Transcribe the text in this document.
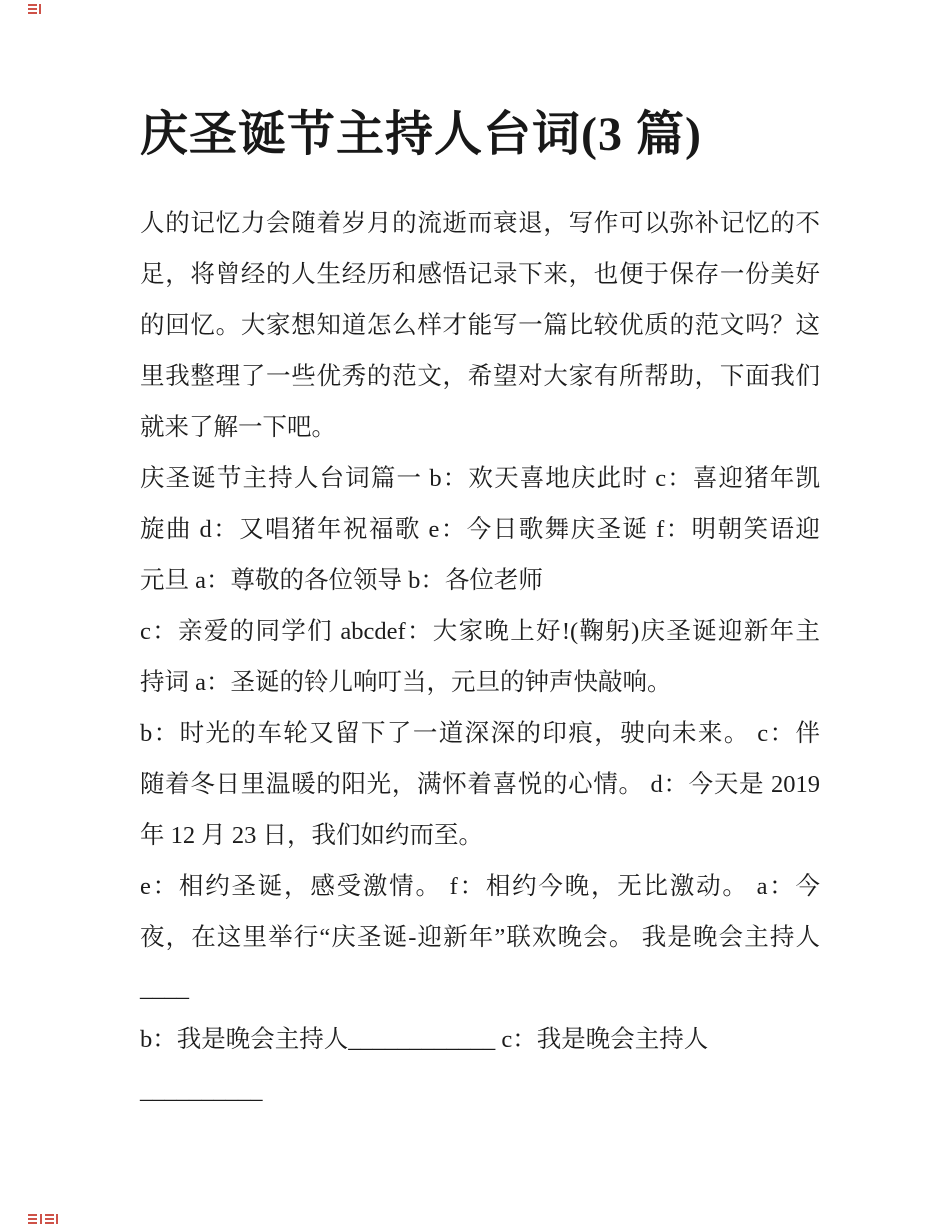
庆圣诞节主持人台词(3 篇)
人的记忆力会随着岁月的流逝而衰退，写作可以弥补记忆的不
足，将曾经的人生经历和感悟记录下来，也便于保存一份美好
的回忆。大家想知道怎么样才能写一篇比较优质的范文吗？这
里我整理了一些优秀的范文，希望对大家有所帮助，下面我们
就来了解一下吧。
庆圣诞节主持人台词篇一 b：欢天喜地庆此时 c：喜迎猪年凯
旋曲 d：又唱猪年祝福歌 e：今日歌舞庆圣诞 f：明朝笑语迎
元旦 a：尊敬的各位领导 b：各位老师
c：亲爱的同学们 abcdef：大家晚上好!(鞠躬)庆圣诞迎新年主
持词 a：圣诞的铃儿响叮当，元旦的钟声快敲响。
b：时光的车轮又留下了一道深深的印痕，驶向未来。 c：伴
随着冬日里温暖的阳光，满怀着喜悦的心情。 d：今天是 2019
年 12 月 23 日，我们如约而至。
e：相约圣诞，感受激情。 f：相约今晚，无比激动。 a：今
夜，在这里举行“庆圣诞-迎新年”联欢晚会。 我是晚会主持人
____
b：我是晚会主持人____________ c：我是晚会主持人
__________
